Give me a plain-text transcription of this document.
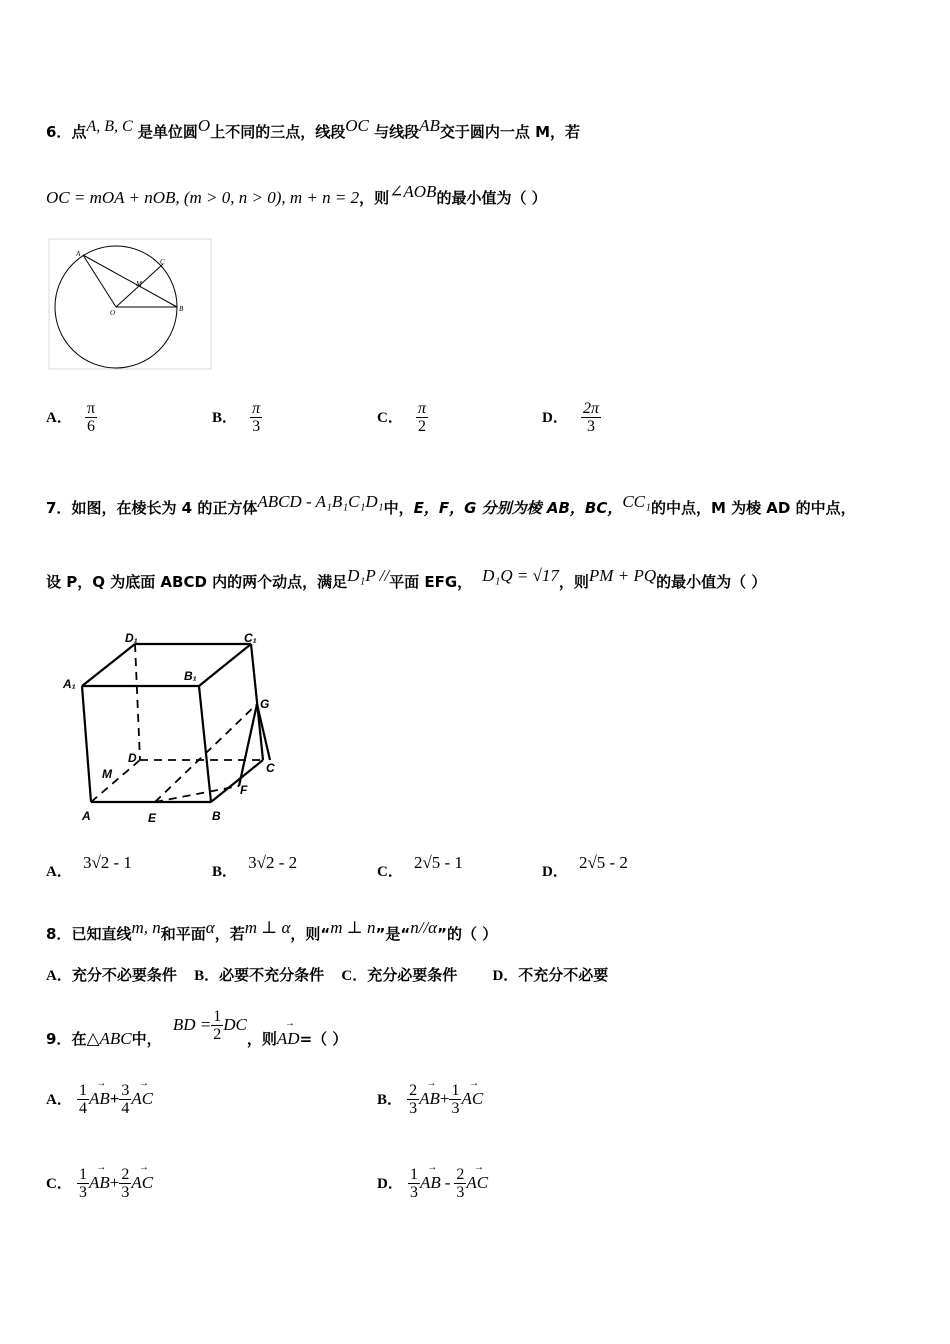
6．点$^{A, B, C}$ 是单位圆$^O$上不同的三点，线段$^{OC}$ 与线段$^{AB}$交于圆内一点 M，若
OC = mOA + nOB, (m > 0, n > 0), m + n = 2，则$^{\angle AOB}$的最小值为（ ）
A
B
C
O
M
A． $\frac{\pi}{6}$	B． $\frac{\pi}{3}$	C． $\frac{\pi}{2}$	D． $\frac{2\pi}{3}$
7．如图，在棱长为 4 的正方体$^{ABCD - A_1B_1C_1D_1}$中，E，F，G 分别为棱 AB，BC，$^{CC_1}$的中点，M 为棱 AD 的中点，
设 P，Q 为底面 ABCD 内的两个动点，满足$^{D_1P //}$平面 EFG， $^{D_1Q = √17}$，则$^{PM + PQ}$的最小值为（ ）
A₁
B₁
C₁
D₁
A	B
C
D
E
F
G
M
A． 3√2 - 1	B． 3√2 - 2	C． 2√5 - 1	D． 2√5 - 2
8．已知直线$^{m, n}$和平面$^\alpha$，若$^{m \perp \alpha}$，则“$^{m \perp n}$”是“$^{n//\alpha}$”的（ ）
A．充分不必要条件 B．必要不充分条件 C．充分必要条件 D．不充分不必要
9．在△ABC中， BD = $\frac{1}{2}$ DC，则→ AD=（ ）
A． $\frac{1}{4}$
→ $AB+ \frac{3}{4}$
→ AC	B． $\frac{2}{3}$
→ $AB+ \frac{1}{3}$
→ AC
C． $\frac{1}{3}$
→ $AB+ \frac{2}{3}$
→ AC	D． $\frac{1}{3}$
→ AB - $\frac{2}{3}$
→ AC
